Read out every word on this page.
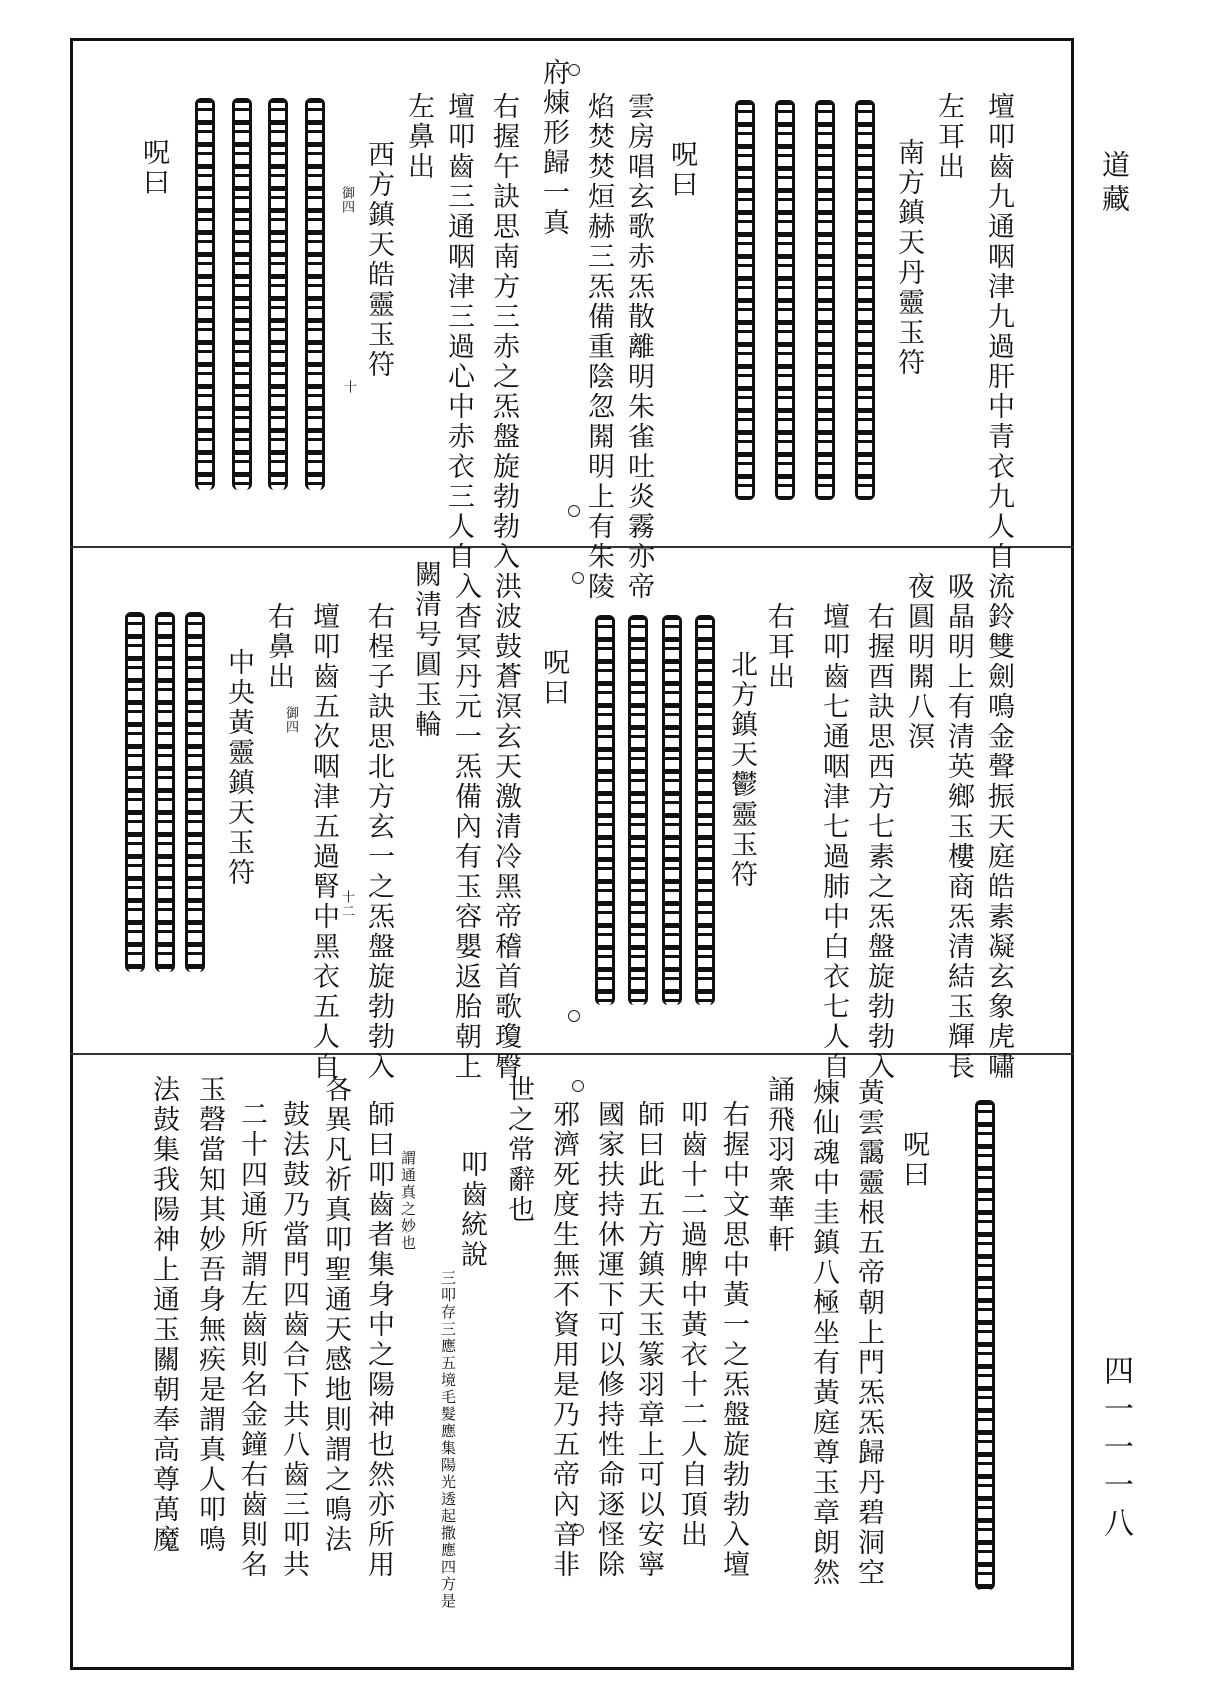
道藏
四一一一八
壇叩齒九通咽津九過肝中青衣九人自
左耳出
南方鎮天丹靈玉符
呪曰
雲房唱玄歌赤炁散離明朱雀吐炎霧亦帝
焰焚焚烜赫三炁備重陰忽閞明上有朱陵
府煉形歸一真
右握午訣思南方三赤之炁盤旋勃勃入
壇叩齒三通咽津三過心中赤衣三人自
左鼻出
西方鎮天皓靈玉符
御四
十
呪曰
流鈴雙劍鳴金聲振天庭皓素凝玄象虎嘯
吸晶明上有清英鄉玉樓商炁清結玉輝長
夜圓明閞八溟
右握酉訣思西方七素之炁盤旋勃勃入
壇叩齒七通咽津七過肺中白衣七人自
右耳出
北方鎮天鬱靈玉符
呪曰
洪波鼓蒼溟玄天激清冷黑帝稽首歌瓊臀
入杳冥丹元一炁備內有玉容嬰返胎朝上
闕清号圓玉輪
右桯子訣思北方玄一之炁盤旋勃勃入
十二
壇叩齒五次咽津五過腎中黑衣五人自
御四
右鼻出
中央黃靈鎮天玉符
呪曰
黃雲靄靈根五帝朝上門炁炁歸丹碧洞空
煉仙魂中圭鎮八極坐有黃庭尊玉章朗然
誦飛羽衆華軒
右握中文思中黃一之炁盤旋勃勃入壇
叩齒十二過脾中黃衣十二人自頂出
師曰此五方鎮天玉篆羽章上可以安寧
國家扶持休運下可以修持性命逐怪除
邪濟死度生無不資用是乃五帝內音非
世之常辭也
叩齒統說
三叩存三應五境毛髮應集陽光透起撒應四方是
謂通真之妙也
師曰叩齒者集身中之陽神也然亦所用
各異凡祈真叩聖通天感地則謂之鳴法
鼓法鼓乃當門四齒合下共八齒三叩共
二十四通所謂左齒則名金鐘右齒則名
玉磬當知其妙吾身無疾是謂真人叩鳴
法鼓集我陽神上通玉關朝奉高尊萬魔
